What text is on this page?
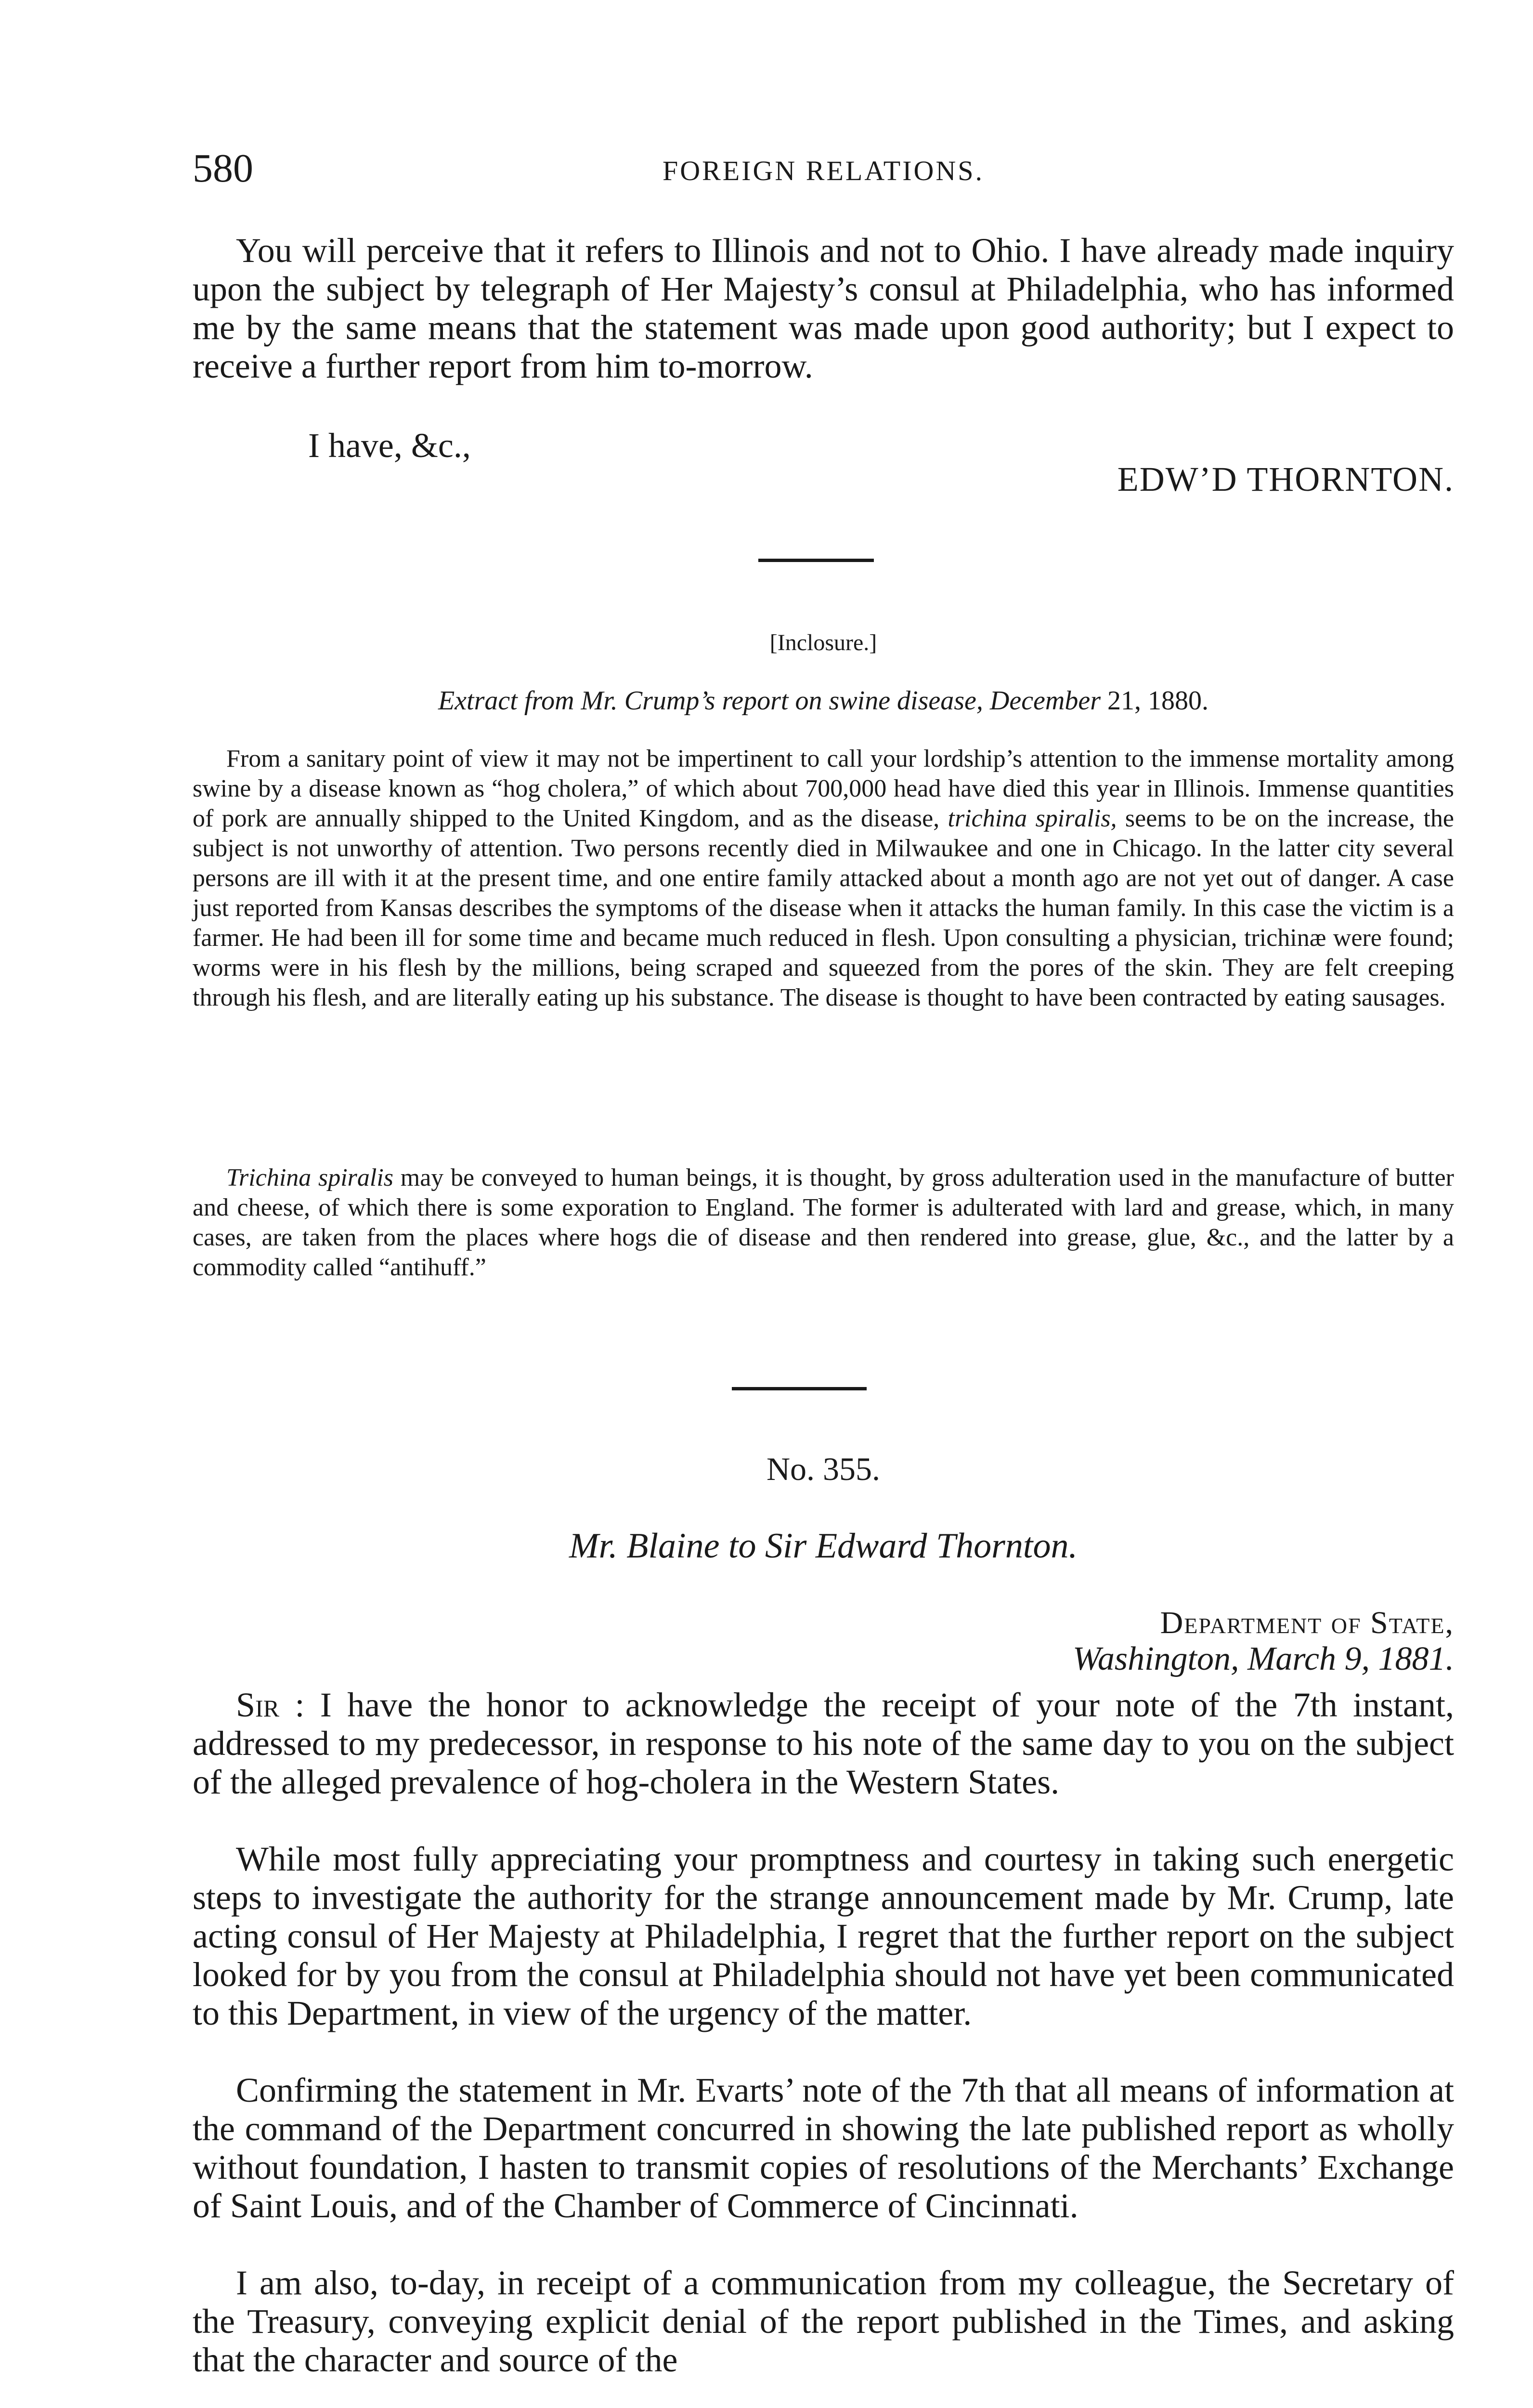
580	FOREIGN RELATIONS.

You will perceive that it refers to Illinois and not to Ohio. I have already made inquiry upon the subject by telegraph of Her Majesty’s consul at Philadelphia, who has informed me by the same means that the statement was made upon good authority; but I expect to receive a further report from him to-morrow.

I have, &c.,
EDW’D THORNTON.
[Inclosure.]
Extract from Mr. Crump’s report on swine disease, December 21, 1880.

From a sanitary point of view it may not be impertinent to call your lordship’s attention to the immense mortality among swine by a disease known as “hog cholera,” of which about 700,000 head have died this year in Illinois. Immense quantities of pork are annually shipped to the United Kingdom, and as the disease, trichina spiralis, seems to be on the increase, the subject is not unworthy of attention. Two persons recently died in Milwaukee and one in Chicago. In the latter city several persons are ill with it at the present time, and one entire family attacked about a month ago are not yet out of danger. A case just reported from Kansas describes the symptoms of the disease when it attacks the human family. In this case the victim is a farmer. He had been ill for some time and became much reduced in flesh. Upon consulting a physician, trichinæ were found; worms were in his flesh by the millions, being scraped and squeezed from the pores of the skin. They are felt creeping through his flesh, and are literally eating up his substance. The disease is thought to have been contracted by eating sausages.

Trichina spiralis may be conveyed to human beings, it is thought, by gross adulteration used in the manufacture of butter and cheese, of which there is some exporation to England. The former is adulterated with lard and grease, which, in many cases, are taken from the places where hogs die of disease and then rendered into grease, glue, &c., and the latter by a commodity called “antihuff.”

No. 355.
Mr. Blaine to Sir Edward Thornton.
Department of State,
Washington, March 9, 1881.

Sir : I have the honor to acknowledge the receipt of your note of the 7th instant, addressed to my predecessor, in response to his note of the same day to you on the subject of the alleged prevalence of hog-cholera in the Western States.

While most fully appreciating your promptness and courtesy in taking such energetic steps to investigate the authority for the strange announcement made by Mr. Crump, late acting consul of Her Majesty at Philadelphia, I regret that the further report on the subject looked for by you from the consul at Philadelphia should not have yet been communicated to this Department, in view of the urgency of the matter.

Confirming the statement in Mr. Evarts’ note of the 7th that all means of information at the command of the Department concurred in showing the late published report as wholly without foundation, I hasten to transmit copies of resolutions of the Merchants’ Exchange of Saint Louis, and of the Chamber of Commerce of Cincinnati.

I am also, to-day, in receipt of a communication from my colleague, the Secretary of the Treasury, conveying explicit denial of the report published in the Times, and asking that the character and source of the
